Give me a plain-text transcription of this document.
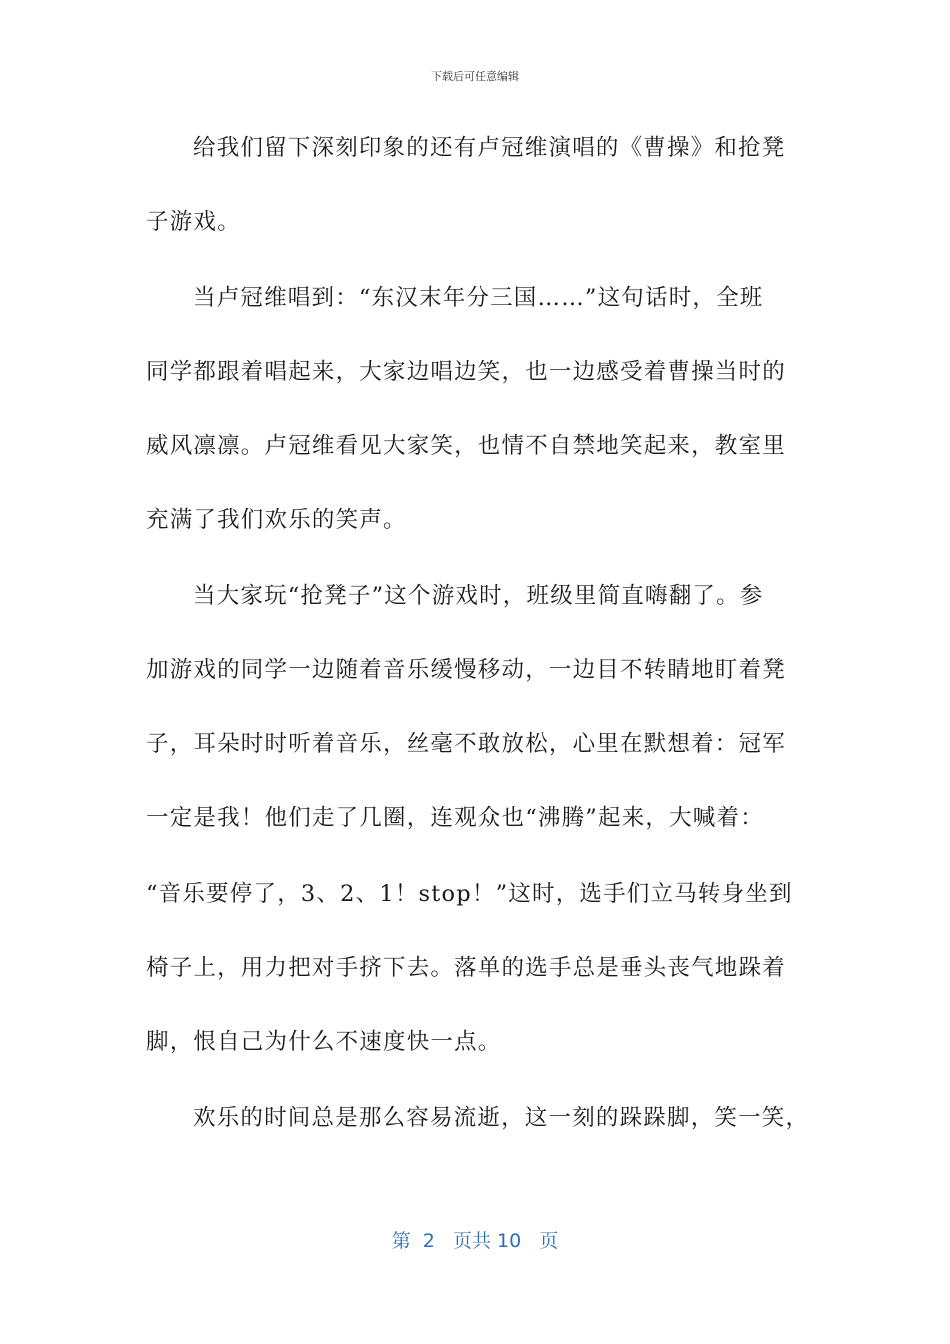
下载后可任意编辑
给我们留下深刻印象的还有卢冠维演唱的《曹操》和抢凳
子游戏。
当卢冠维唱到：“东汉末年分三国……”这句话时，全班
同学都跟着唱起来，大家边唱边笑，也一边感受着曹操当时的
威风凛凛。卢冠维看见大家笑，也情不自禁地笑起来，教室里
充满了我们欢乐的笑声。
当大家玩“抢凳子”这个游戏时，班级里简直嗨翻了。参
加游戏的同学一边随着音乐缓慢移动，一边目不转睛地盯着凳
子，耳朵时时听着音乐，丝毫不敢放松，心里在默想着：冠军
一定是我！他们走了几圈，连观众也“沸腾”起来，大喊着：
“音乐要停了，3、2、1！stop！”这时，选手们立马转身坐到
椅子上，用力把对手挤下去。落单的选手总是垂头丧气地跺着
脚，恨自己为什么不速度快一点。
欢乐的时间总是那么容易流逝，这一刻的跺跺脚，笑一笑，
第  2   页共 10   页
